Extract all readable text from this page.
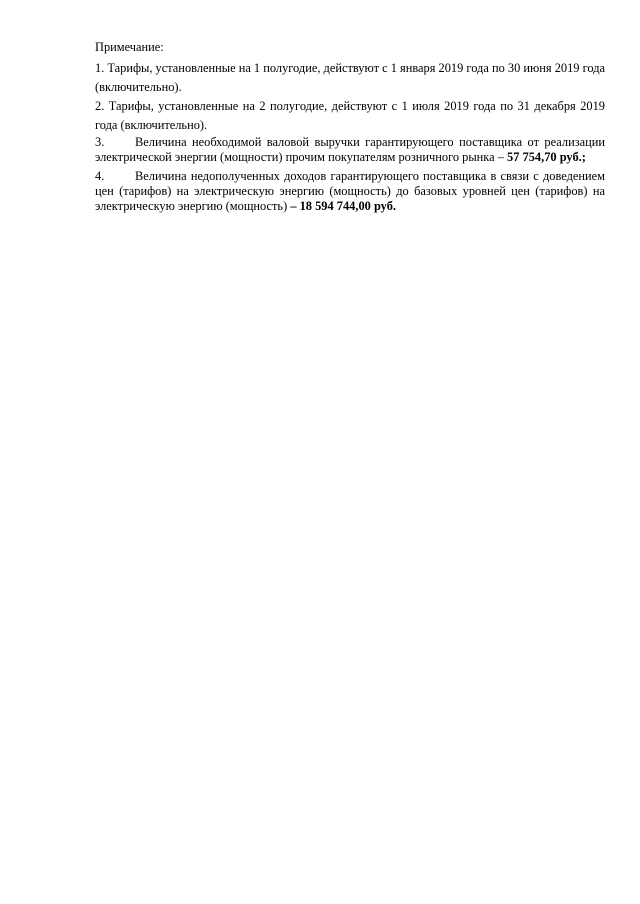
Примечание:
1. Тарифы, установленные на 1 полугодие, действуют с 1 января 2019 года по 30 июня 2019 года (включительно).
2. Тарифы, установленные на 2 полугодие, действуют с 1 июля 2019 года по 31 декабря 2019 года (включительно).
3. Величина необходимой валовой выручки гарантирующего поставщика от реализации электрической энергии (мощности) прочим покупателям розничного рынка – 57 754,70 руб.;
4. Величина недополученных доходов гарантирующего поставщика в связи с доведением цен (тарифов) на электрическую энергию (мощность) до базовых уровней цен (тарифов) на электрическую энергию (мощность) – 18 594 744,00 руб.
